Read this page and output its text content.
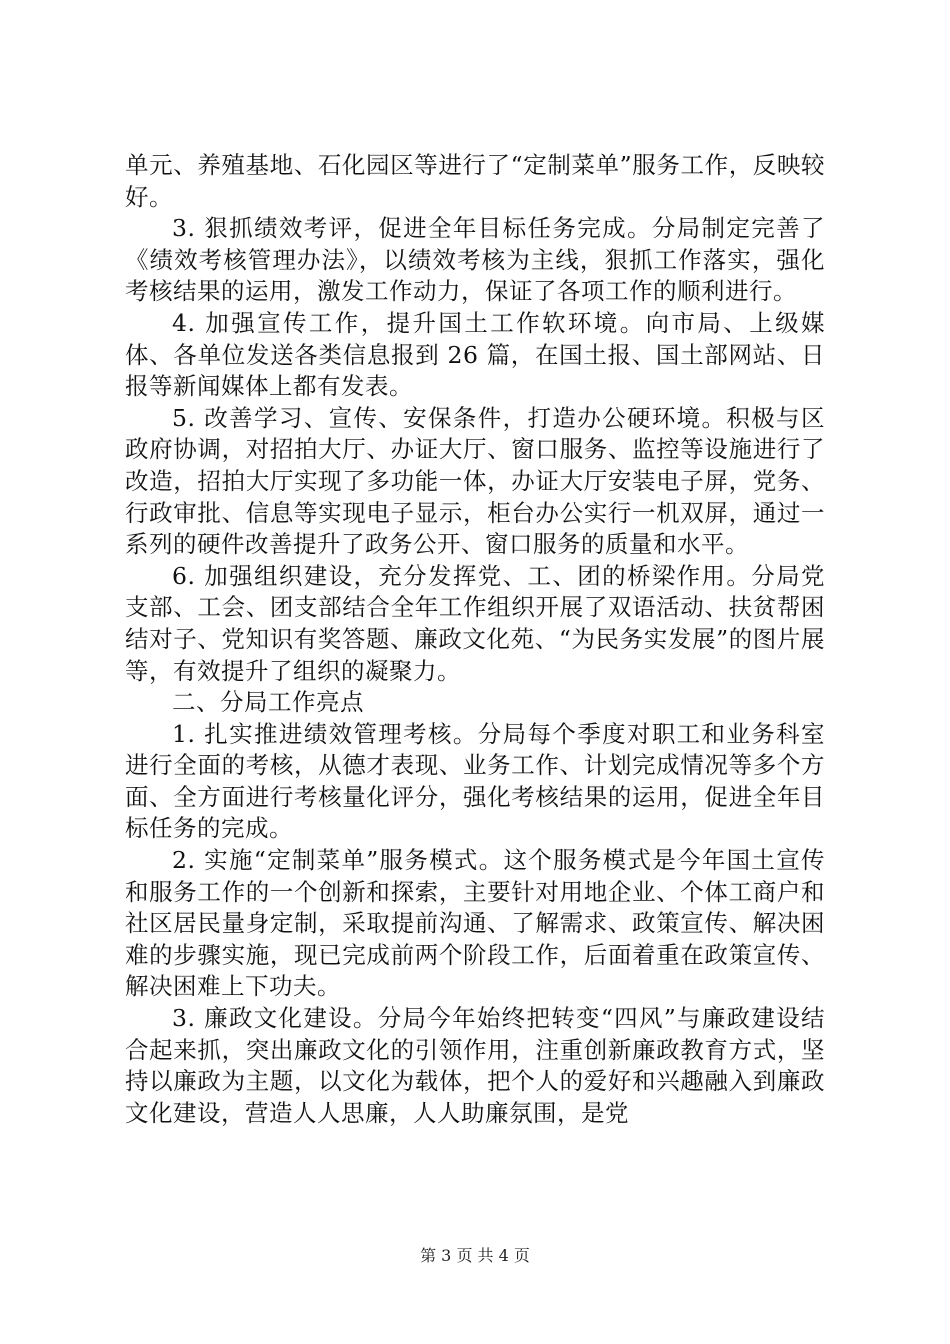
单元、养殖基地、石化园区等进行了“定制菜单”服务工作，反映较好。

3. 狠抓绩效考评，促进全年目标任务完成。分局制定完善了《绩效考核管理办法》，以绩效考核为主线，狠抓工作落实，强化考核结果的运用，激发工作动力，保证了各项工作的顺利进行。

4. 加强宣传工作，提升国土工作软环境。向市局、上级媒体、各单位发送各类信息报到 26 篇，在国土报、国土部网站、日报等新闻媒体上都有发表。

5. 改善学习、宣传、安保条件，打造办公硬环境。积极与区政府协调，对招拍大厅、办证大厅、窗口服务、监控等设施进行了改造，招拍大厅实现了多功能一体，办证大厅安装电子屏，党务、行政审批、信息等实现电子显示，柜台办公实行一机双屏，通过一系列的硬件改善提升了政务公开、窗口服务的质量和水平。

6. 加强组织建设，充分发挥党、工、团的桥梁作用。分局党支部、工会、团支部结合全年工作组织开展了双语活动、扶贫帮困结对子、党知识有奖答题、廉政文化苑、“为民务实发展”的图片展等，有效提升了组织的凝聚力。

二、分局工作亮点

1. 扎实推进绩效管理考核。分局每个季度对职工和业务科室进行全面的考核，从德才表现、业务工作、计划完成情况等多个方面、全方面进行考核量化评分，强化考核结果的运用，促进全年目标任务的完成。

2. 实施“定制菜单”服务模式。这个服务模式是今年国土宣传和服务工作的一个创新和探索，主要针对用地企业、个体工商户和社区居民量身定制，采取提前沟通、了解需求、政策宣传、解决困难的步骤实施，现已完成前两个阶段工作，后面着重在政策宣传、解决困难上下功夫。

3. 廉政文化建设。分局今年始终把转变“四风”与廉政建设结合起来抓，突出廉政文化的引领作用，注重创新廉政教育方式，坚持以廉政为主题，以文化为载体，把个人的爱好和兴趣融入到廉政文化建设，营造人人思廉，人人助廉氛围，是党

第 3 页 共 4 页
